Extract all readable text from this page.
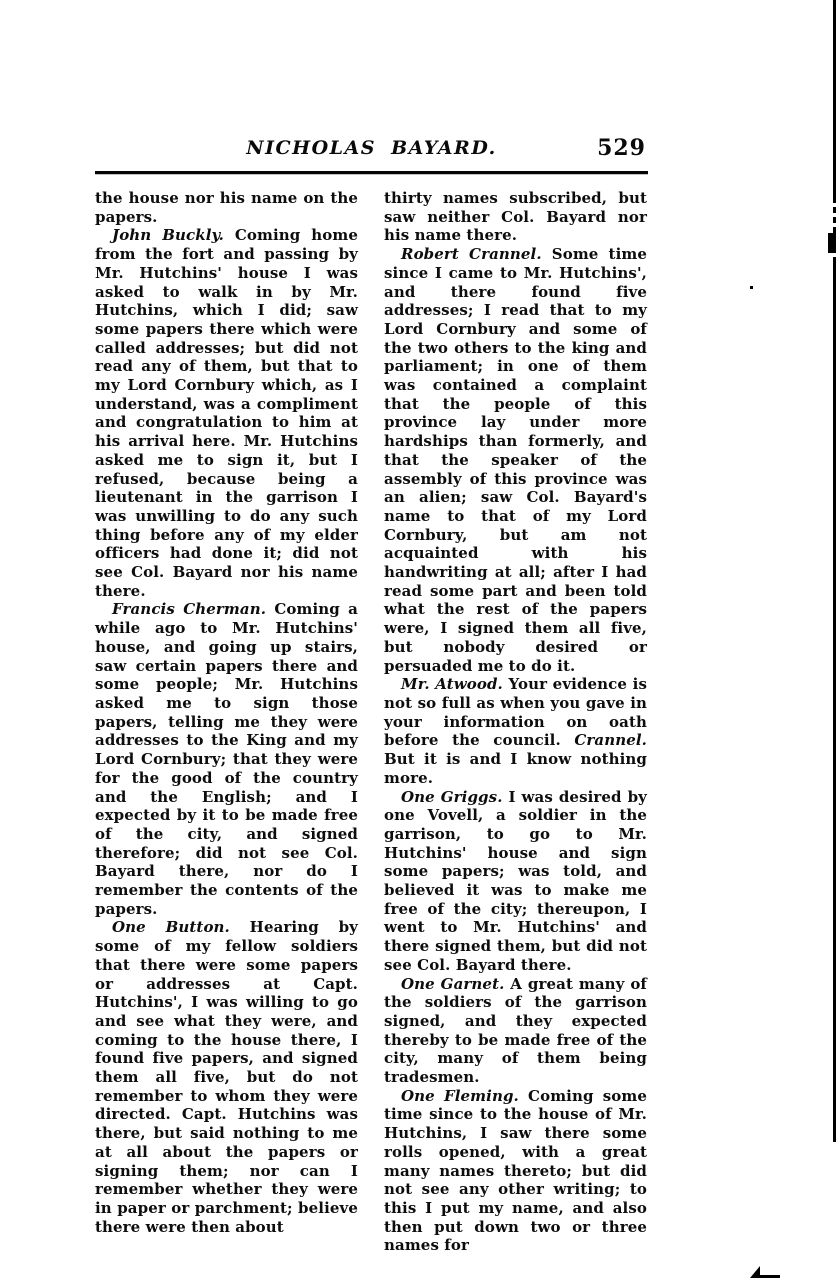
NICHOLAS BAYARD.	529

the house nor his name on the papers.

John Buckly. Coming home from the fort and passing by Mr. Hutchins' house I was asked to walk in by Mr. Hutchins, which I did; saw some papers there which were called addresses; but did not read any of them, but that to my Lord Cornbury which, as I understand, was a compliment and congratulation to him at his arrival here. Mr. Hutchins asked me to sign it, but I refused, because being a lieutenant in the garrison I was unwilling to do any such thing before any of my elder officers had done it; did not see Col. Bayard nor his name there.

Francis Cherman. Coming a while ago to Mr. Hutchins' house, and going up stairs, saw certain papers there and some people; Mr. Hutchins asked me to sign those papers, telling me they were addresses to the King and my Lord Cornbury; that they were for the good of the country and the English; and I expected by it to be made free of the city, and signed therefore; did not see Col. Bayard there, nor do I remember the contents of the papers.

One Button. Hearing by some of my fellow soldiers that there were some papers or addresses at Capt. Hutchins', I was willing to go and see what they were, and coming to the house there, I found five papers, and signed them all five, but do not remember to whom they were directed. Capt. Hutchins was there, but said nothing to me at all about the papers or signing them; nor can I remember whether they were in paper or parchment; believe there were then about

thirty names subscribed, but saw neither Col. Bayard nor his name there.

Robert Crannel. Some time since I came to Mr. Hutchins', and there found five addresses; I read that to my Lord Cornbury and some of the two others to the king and parliament; in one of them was contained a complaint that the people of this province lay under more hardships than formerly, and that the speaker of the assembly of this province was an alien; saw Col. Bayard's name to that of my Lord Cornbury, but am not acquainted with his handwriting at all; after I had read some part and been told what the rest of the papers were, I signed them all five, but nobody desired or persuaded me to do it.

Mr. Atwood. Your evidence is not so full as when you gave in your information on oath before the council. Crannel. But it is and I know nothing more.

One Griggs. I was desired by one Vovell, a soldier in the garrison, to go to Mr. Hutchins' house and sign some papers; was told, and believed it was to make me free of the city; thereupon, I went to Mr. Hutchins' and there signed them, but did not see Col. Bayard there.

One Garnet. A great many of the soldiers of the garrison signed, and they expected thereby to be made free of the city, many of them being tradesmen.

One Fleming. Coming some time since to the house of Mr. Hutchins, I saw there some rolls opened, with a great many names thereto; but did not see any other writing; to this I put my name, and also then put down two or three names for
